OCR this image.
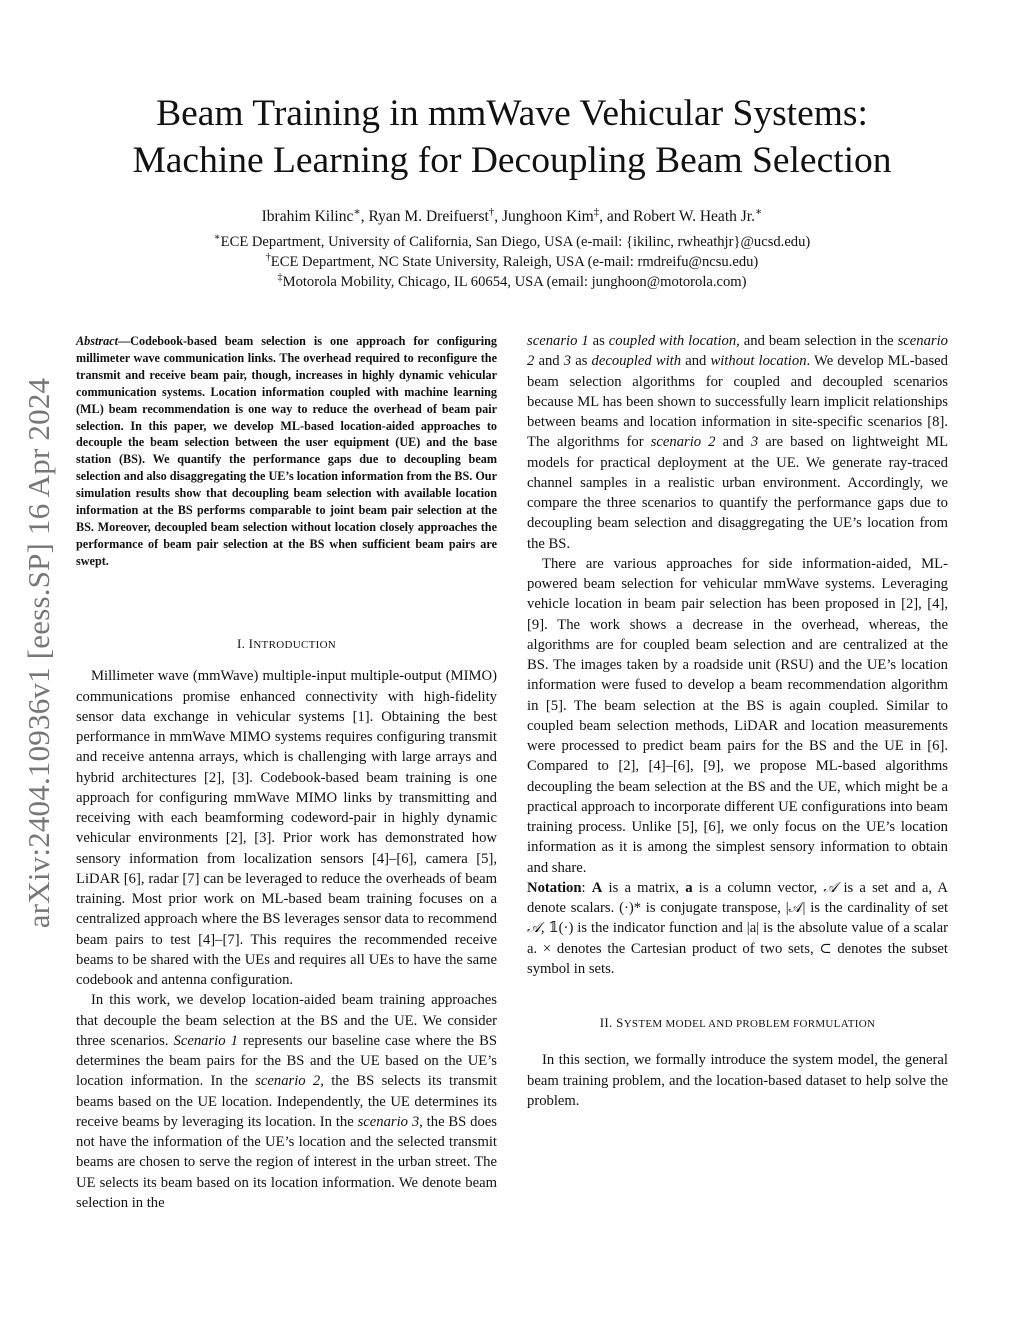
arXiv:2404.10936v1 [eess.SP] 16 Apr 2024
Beam Training in mmWave Vehicular Systems:
Machine Learning for Decoupling Beam Selection
Ibrahim Kilinc∗, Ryan M. Dreifuerst†, Junghoon Kim‡, and Robert W. Heath Jr.∗
∗ECE Department, University of California, San Diego, USA (e-mail: {ikilinc, rwheathjr}@ucsd.edu)
†ECE Department, NC State University, Raleigh, USA (e-mail: rmdreifu@ncsu.edu)
‡Motorola Mobility, Chicago, IL 60654, USA (email: junghoon@motorola.com)

Abstract—Codebook-based beam selection is one approach for configuring millimeter wave communication links. The overhead required to reconfigure the transmit and receive beam pair, though, increases in highly dynamic vehicular communication systems. Location information coupled with machine learning (ML) beam recommendation is one way to reduce the overhead of beam pair selection. In this paper, we develop ML-based location-aided approaches to decouple the beam selection between the user equipment (UE) and the base station (BS). We quantify the performance gaps due to decoupling beam selection and also disaggregating the UE’s location information from the BS. Our simulation results show that decoupling beam selection with available location information at the BS performs comparable to joint beam pair selection at the BS. Moreover, decoupled beam selection without location closely approaches the performance of beam pair selection at the BS when sufficient beam pairs are swept.

I. INTRODUCTION

Millimeter wave (mmWave) multiple-input multiple-output (MIMO) communications promise enhanced connectivity with high-fidelity sensor data exchange in vehicular systems [1]. Obtaining the best performance in mmWave MIMO systems requires configuring transmit and receive antenna arrays, which is challenging with large arrays and hybrid architectures [2], [3]. Codebook-based beam training is one approach for configuring mmWave MIMO links by transmitting and receiving with each beamforming codeword-pair in highly dynamic vehicular environments [2], [3]. Prior work has demonstrated how sensory information from localization sensors [4]–[6], camera [5], LiDAR [6], radar [7] can be leveraged to reduce the overheads of beam training. Most prior work on ML-based beam training focuses on a centralized approach where the BS leverages sensor data to recommend beam pairs to test [4]–[7]. This requires the recommended receive beams to be shared with the UEs and requires all UEs to have the same codebook and antenna configuration.

In this work, we develop location-aided beam training approaches that decouple the beam selection at the BS and the UE. We consider three scenarios. Scenario 1 represents our baseline case where the BS determines the beam pairs for the BS and the UE based on the UE’s location information. In the scenario 2, the BS selects its transmit beams based on the UE location. Independently, the UE determines its receive beams by leveraging its location. In the scenario 3, the BS does not have the information of the UE’s location and the selected transmit beams are chosen to serve the region of interest in the urban street. The UE selects its beam based on its location information. We denote beam selection in the

scenario 1 as coupled with location, and beam selection in the scenario 2 and 3 as decoupled with and without location. We develop ML-based beam selection algorithms for coupled and decoupled scenarios because ML has been shown to successfully learn implicit relationships between beams and location information in site-specific scenarios [8]. The algorithms for scenario 2 and 3 are based on lightweight ML models for practical deployment at the UE. We generate ray-traced channel samples in a realistic urban environment. Accordingly, we compare the three scenarios to quantify the performance gaps due to decoupling beam selection and disaggregating the UE’s location from the BS.

There are various approaches for side information-aided, ML-powered beam selection for vehicular mmWave systems. Leveraging vehicle location in beam pair selection has been proposed in [2], [4], [9]. The work shows a decrease in the overhead, whereas, the algorithms are for coupled beam selection and are centralized at the BS. The images taken by a roadside unit (RSU) and the UE’s location information were fused to develop a beam recommendation algorithm in [5]. The beam selection at the BS is again coupled. Similar to coupled beam selection methods, LiDAR and location measurements were processed to predict beam pairs for the BS and the UE in [6]. Compared to [2], [4]–[6], [9], we propose ML-based algorithms decoupling the beam selection at the BS and the UE, which might be a practical approach to incorporate different UE configurations into beam training process. Unlike [5], [6], we only focus on the UE’s location information as it is among the simplest sensory information to obtain and share.

Notation: A is a matrix, a is a column vector, 𝒜 is a set and a, A denote scalars. (·)* is conjugate transpose, |𝒜| is the cardinality of set 𝒜, 𝟙(·) is the indicator function and |a| is the absolute value of a scalar a. × denotes the Cartesian product of two sets, ⊂ denotes the subset symbol in sets.

II. SYSTEM MODEL AND PROBLEM FORMULATION

In this section, we formally introduce the system model, the general beam training problem, and the location-based dataset to help solve the problem.
